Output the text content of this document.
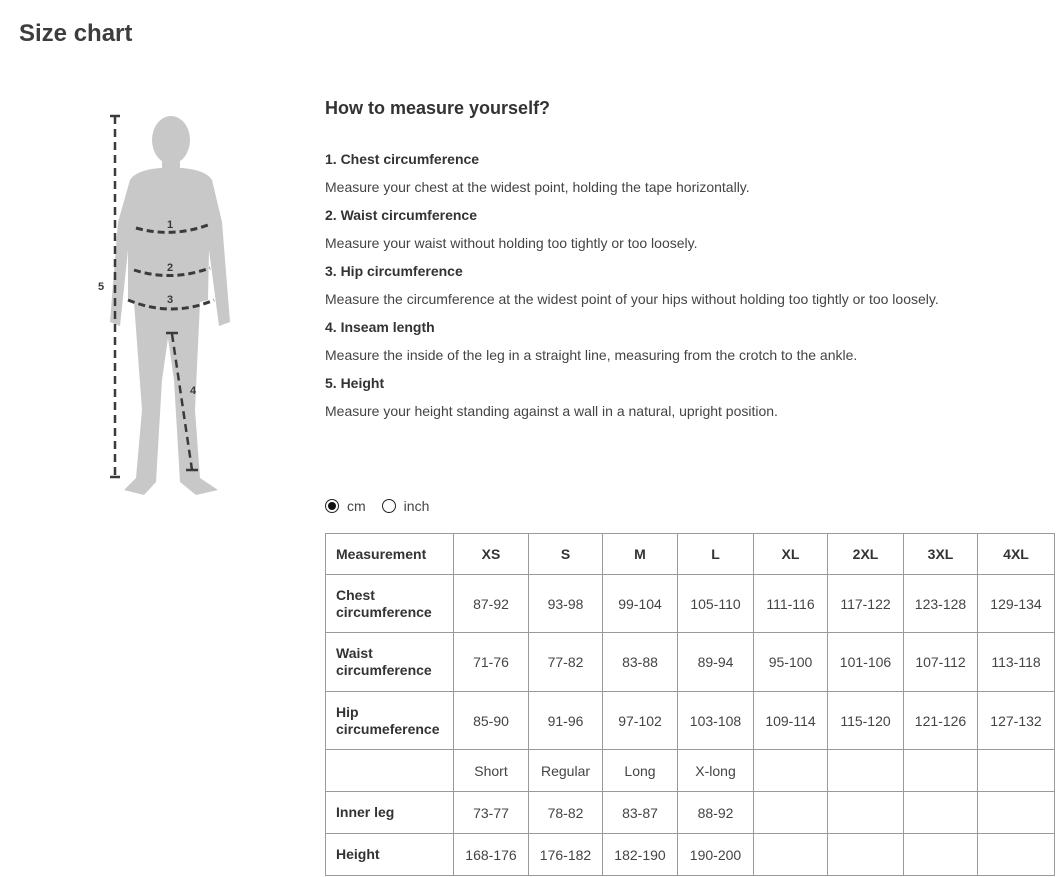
Size chart
1
2
3
4
5
How to measure yourself?

1. Chest circumference

Measure your chest at the widest point, holding the tape horizontally.

2. Waist circumference

Measure your waist without holding too tightly or too loosely.

3. Hip circumference

Measure the circumference at the widest point of your hips without holding too tightly or too loosely.

4. Inseam length

Measure the inside of the leg in a straight line, measuring from the crotch to the ankle.

5. Height

Measure your height standing against a wall in a natural, upright position.

cm	inch
Measurement	XS	S	M	L	XL	2XL	3XL	4XL
Chest circumference	87-92	93-98	99-104	105-110	111-116	117-122	123-128	129-134
Waist circumference	71-76	77-82	83-88	89-94	95-100	101-106	107-112	113-118
Hip circumeference	85-90	91-96	97-102	103-108	109-114	115-120	121-126	127-132
	Short	Regular	Long	X-long				
Inner leg	73-77	78-82	83-87	88-92				
Height	168-176	176-182	182-190	190-200				
